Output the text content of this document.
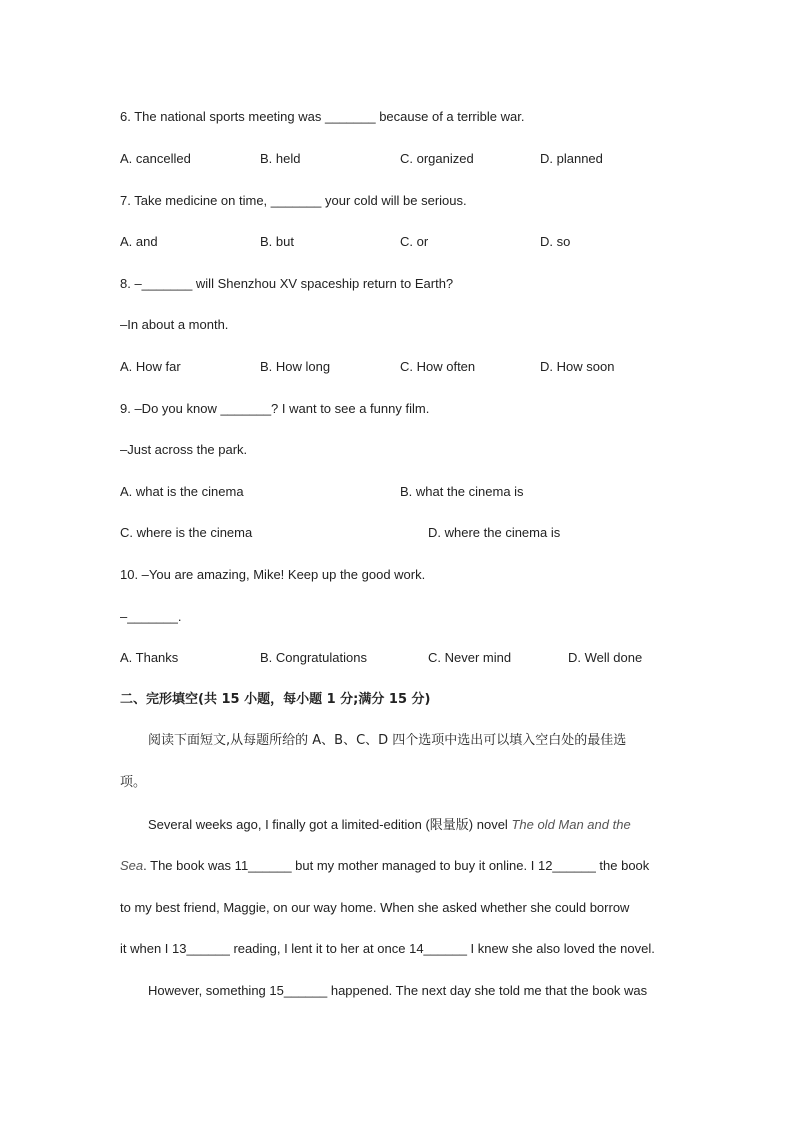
6. The national sports meeting was _______ because of a terrible war.
A. cancelled	B. held	C. organized	D. planned
7. Take medicine on time, _______ your cold will be serious.
A. and	B. but	C. or	D. so
8. –_______ will Shenzhou XV spaceship return to Earth?
–In about a month.
A. How far	B. How long	C. How often	D. How soon
9. –Do you know _______? I want to see a funny film.
–Just across the park.
A. what is the cinema	B. what the cinema is
C. where is the cinema	D. where the cinema is
10. –You are amazing, Mike! Keep up the good work.
–_______.
A. Thanks	B. Congratulations	C. Never mind	D. Well done
二、完形填空(共 15 小题，每小题 1 分;满分 15 分)
阅读下面短文,从每题所给的 A、B、C、D 四个选项中选出可以填入空白处的最佳选
项。
Several weeks ago, I finally got a limited-edition (限量版) novel The old Man and the
Sea. The book was 11______ but my mother managed to buy it online. I 12______ the book
to my best friend, Maggie, on our way home. When she asked whether she could borrow
it when I 13______ reading, I lent it to her at once 14______ I knew she also loved the novel.
However, something 15______ happened. The next day she told me that the book was
